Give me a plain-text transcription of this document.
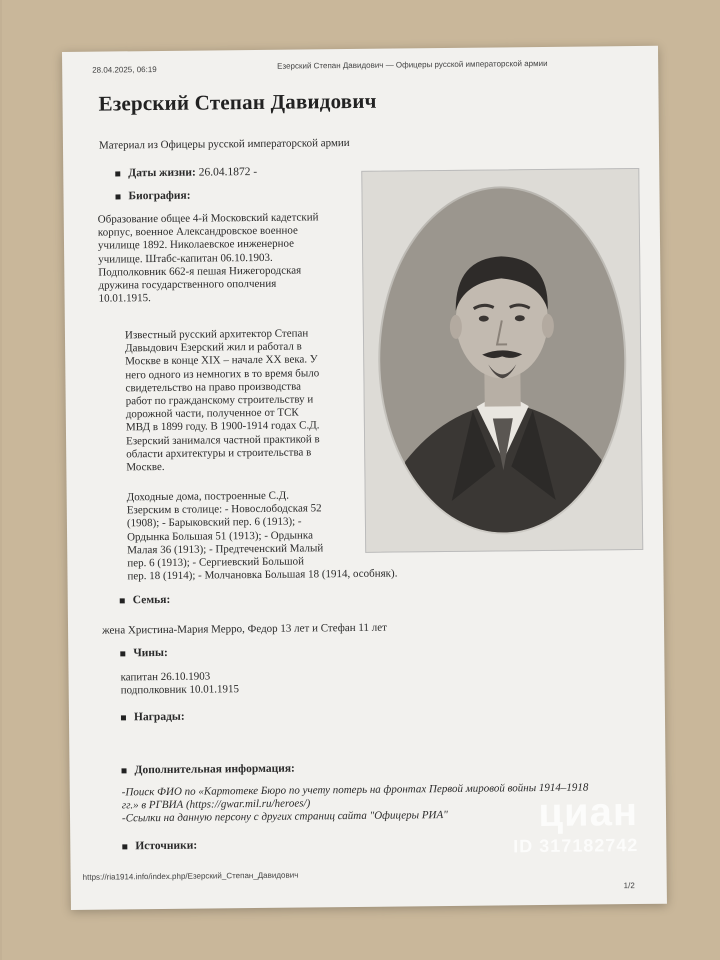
28.04.2025, 06:19	Езерский Степан Давидович — Офицеры русской императорской армии
Езерский Степан Давидович
Материал из Офицеры русской императорской армии
Даты жизни: 26.04.1872 -
Биография:
Образование общее 4-й Московский кадетский
корпус, военное Александровское военное
училище 1892. Николаевское инженерное
училище. Штабс-капитан 06.10.1903.
Подполковник 662-я пешая Нижегородская
дружина государственного ополчения
10.01.1915.
Известный русский архитектор Степан
Давыдович Езерский жил и работал в
Москве в конце XIX – начале XX века. У
него одного из немногих в то время было
свидетельство на право производства
работ по гражданскому строительству и
дорожной части, полученное от ТСК
МВД в 1899 году. В 1900-1914 годах С.Д.
Езерский занимался частной практикой в
области архитектуры и строительства в
Москве.
Доходные дома, построенные С.Д.
Езерским в столице: - Новослободская 52
(1908); - Барыковский пер. 6 (1913); -
Ордынка Большая 51 (1913); - Ордынка
Малая 36 (1913); - Предтеченский Малый
пер. 6 (1913); - Сергиевский Большой
пер. 18 (1914); - Молчановка Большая 18 (1914, особняк).
Семья:
жена Христина-Мария Мерро, Федор 13 лет и Стефан 11 лет
Чины:
капитан 26.10.1903
подполковник 10.01.1915
Награды:
Дополнительная информация:
-Поиск ФИО по «Картотеке Бюро по учету потерь на фронтах Первой мировой войны 1914–1918
гг.» в РГВИА (https://gwar.mil.ru/heroes/)
-Ссылки на данную персону с других страниц сайта "Офицеры РИА"
Источники:
https://ria1914.info/index.php/Езерский_Степан_Давидович
1/2
циан
ID 317182742
